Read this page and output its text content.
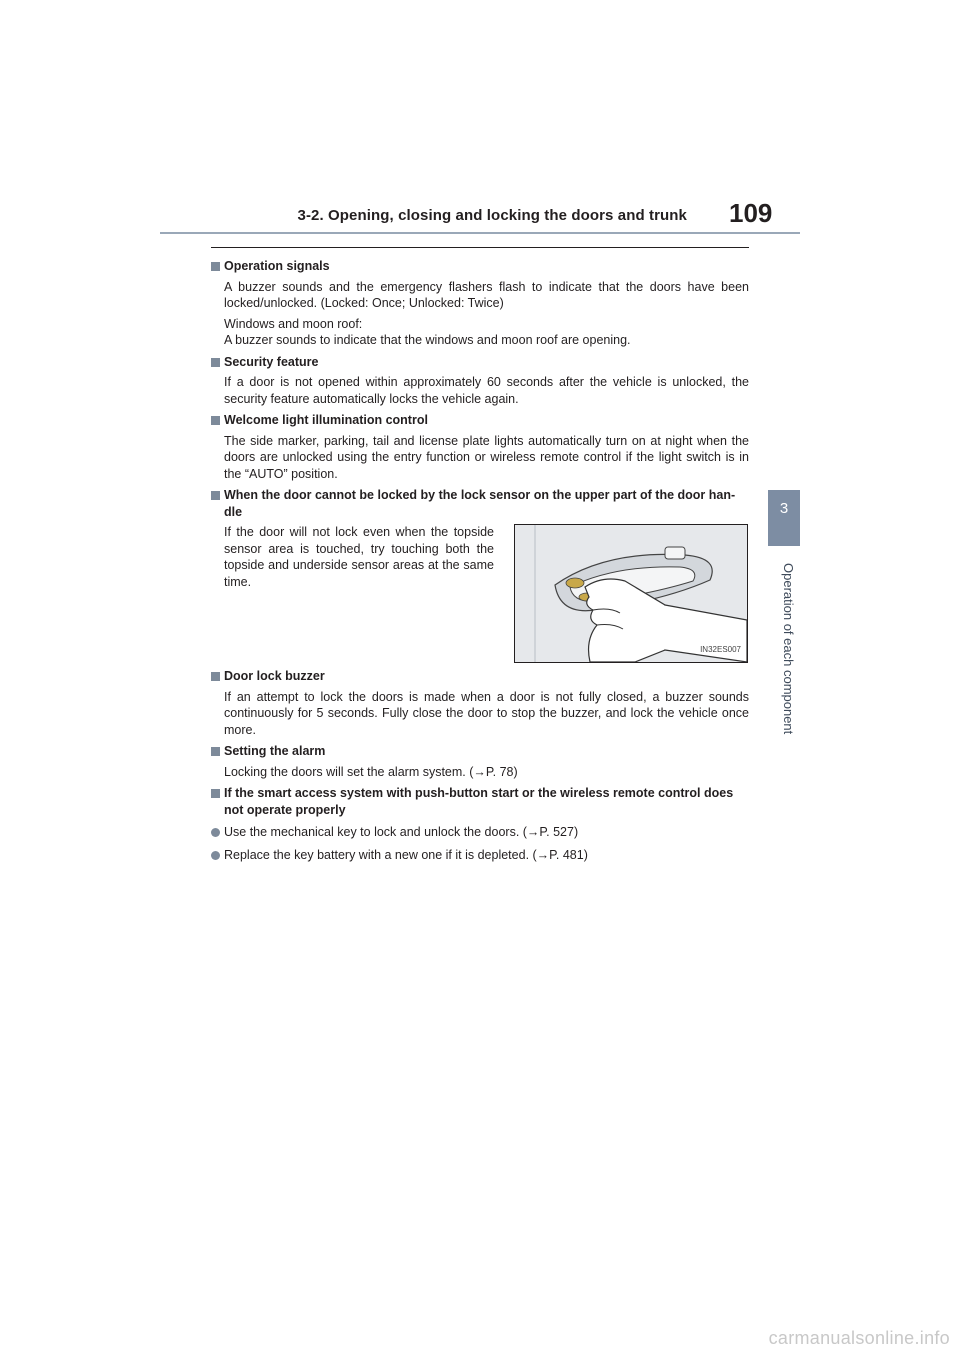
3-2. Opening, closing and locking the doors and trunk 109
3
Operation of each component
Operation signals
A buzzer sounds and the emergency flashers flash to indicate that the doors have been locked/unlocked. (Locked: Once; Unlocked: Twice)
Windows and moon roof:
A buzzer sounds to indicate that the windows and moon roof are opening.
Security feature
If a door is not opened within approximately 60 seconds after the vehicle is unlocked, the security feature automatically locks the vehicle again.
Welcome light illumination control
The side marker, parking, tail and license plate lights automatically turn on at night when the doors are unlocked using the entry function or wireless remote control if the light switch is in the “AUTO” position.
When the door cannot be locked by the lock sensor on the upper part of the door han-dle
If the door will not lock even when the topside sensor area is touched, try touching both the topside and underside sensor areas at the same time.
IN32ES007
Door lock buzzer
If an attempt to lock the doors is made when a door is not fully closed, a buzzer sounds continuously for 5 seconds. Fully close the door to stop the buzzer, and lock the vehicle once more.
Setting the alarm
Locking the doors will set the alarm system. (→P. 78)
If the smart access system with push-button start or the wireless remote control does not operate properly
Use the mechanical key to lock and unlock the doors. (→P. 527)
Replace the key battery with a new one if it is depleted. (→P. 481)
carmanualsonline.info
